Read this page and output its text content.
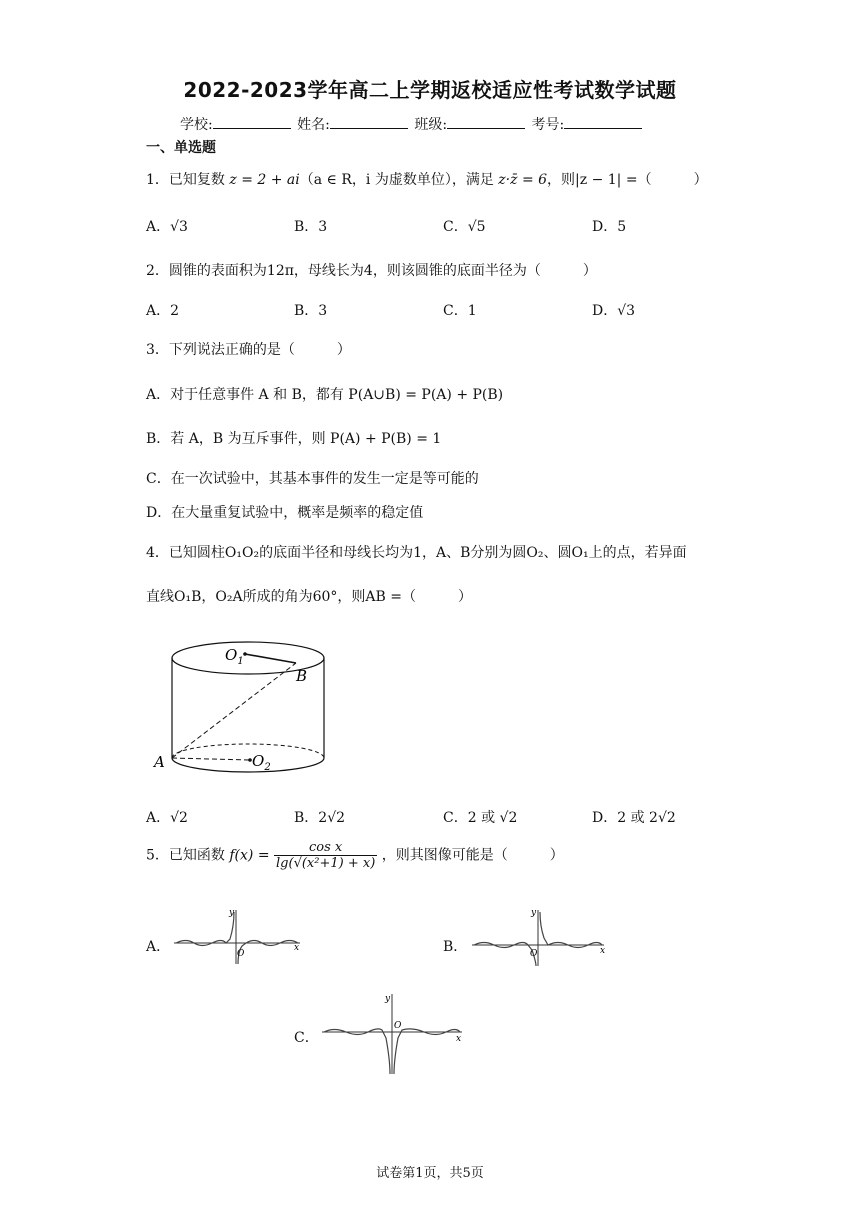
2022-2023学年高二上学期返校适应性考试数学试题
学校:	姓名:	班级:	考号:
一、单选题
1．已知复数 z = 2 + ai（a ∈ R，i 为虚数单位），满足 z·z̄ = 6，则|z − 1| =（　　　）
A．√3	B．3	C．√5	D．5
2．圆锥的表面积为12π，母线长为4，则该圆锥的底面半径为（　　　）
A．2	B．3	C．1	D．√3
3．下列说法正确的是（　　　）
A．对于任意事件 A 和 B，都有 P(A∪B) = P(A) + P(B)
B．若 A，B 为互斥事件，则 P(A) + P(B) = 1
C．在一次试验中，其基本事件的发生一定是等可能的
D．在大量重复试验中，概率是频率的稳定值
4．已知圆柱O₁O₂的底面半径和母线长均为1，A、B分别为圆O₂、圆O₁上的点，若异面
直线O₁B，O₂A所成的角为60°，则AB =（　　　）
$O_1$
B
A	$O_2$
A．√2	B．2√2	C．2 或 √2	D．2 或 2√2
5．已知函数 $f(x) = \frac{\text{cos x}}{\text{lg(√(x²+1) + x)}}$ ，则其图像可能是（　　　）
A．
y
x
O	B．
y
x
O
C．
y
x
O
试卷第1页，共5页
